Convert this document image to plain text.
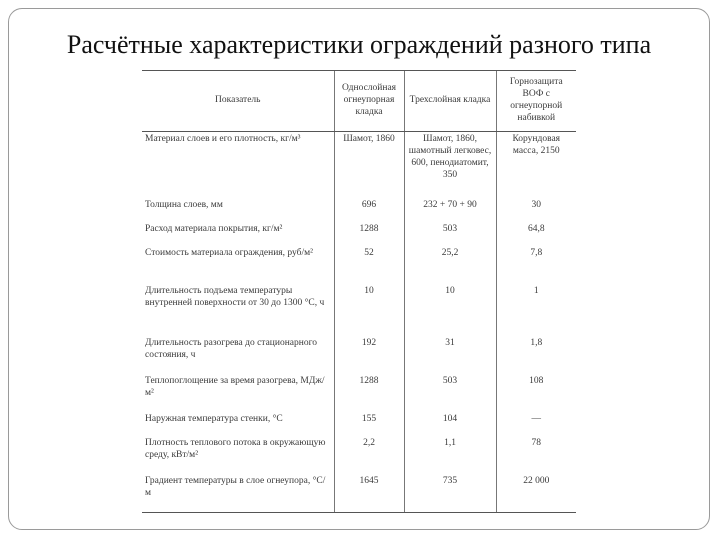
Расчётные характеристики ограждений разного типа
Показатель	Однослойная огнеупорная кладка	Трехслойная кладка	Горнозащита ВОФ с огнеупорной набивкой
Материал слоев и его плотность, кг/м³	Шамот, 1860	Шамот, 1860, шамотный легковес, 600, пенодиатомит, 350	Корундовая масса, 2150
Толщина слоев, мм	696	232 + 70 + 90	30
Расход материала покрытия, кг/м²	1288	503	64,8
Стоимость материала ограждения, руб/м²	52	25,2	7,8
Длительность подъема температуры внутренней поверхности от 30 до 1300 °С, ч	10	10	1
Длительность разогрева до стационарного состояния, ч	192	31	1,8
Теплопоглощение за время разогрева, МДж/м²	1288	503	108
Наружная температура стенки, °С	155	104	—
Плотность теплового потока в окружающую среду, кВт/м²	2,2	1,1	78
Градиент температуры в слое огнеупора, °С/м	1645	735	22 000
